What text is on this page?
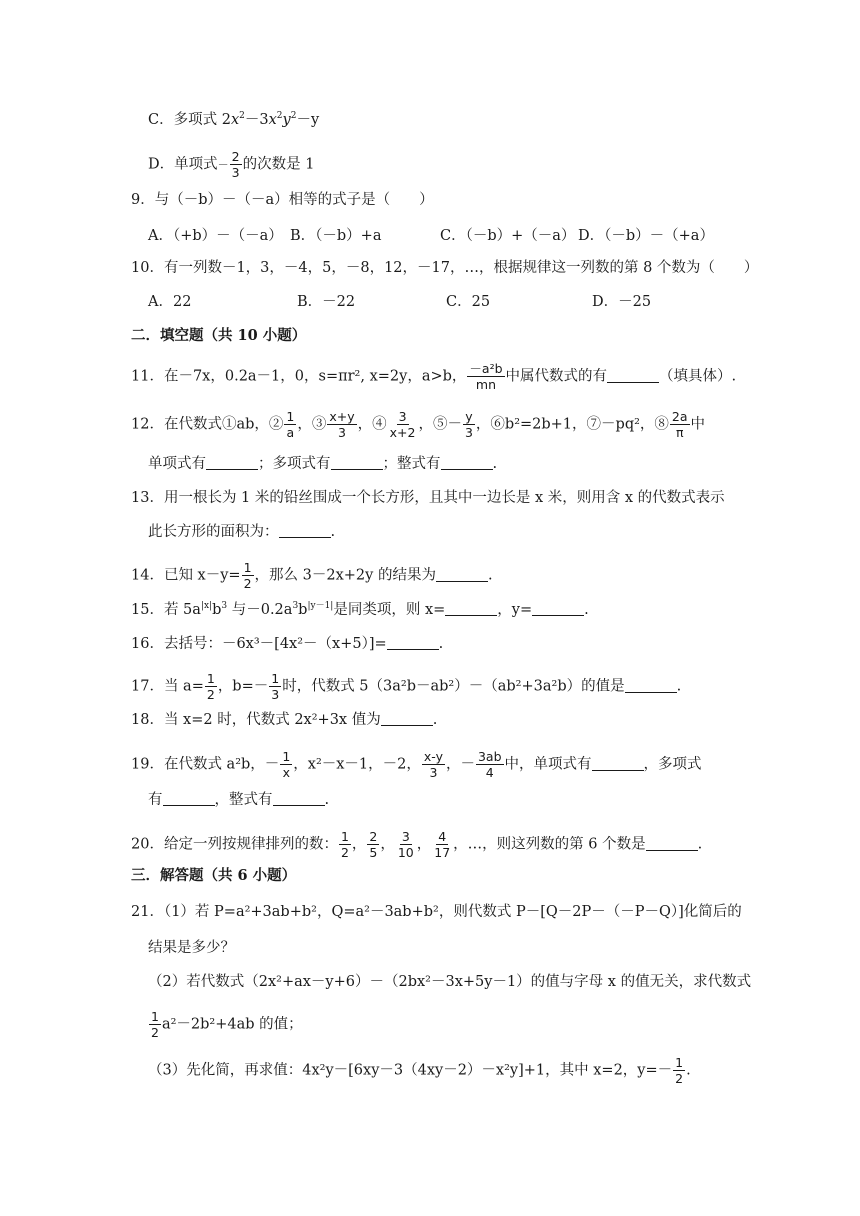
C．多项式 $2x^2-3x^2y^2-y$
D．单项式－ $\frac{2}{3}$ 的次数是 1
9．与（－b）－（－a）相等的式子是（　　）
A．（+b）－（－a） B．（－b）+a	C．（－b）+（－a） D．（－b）－（+a）
10．有一列数－1，3，－4，5，－8，12，－17，…，根据规律这一列数的第 8 个数为（　　）
A．22	B．－22	C．25	D．－25
二．填空题（共 10 小题）
11．在－7x，0.2a－1，0，s=πr², x=2y，a>b， $\frac{\text{－a²b}}{mn}$ 中属代数式的有	（填具体）.
12．在代数式①ab，② $\frac{1}{a}$ ，③ $\frac{x+y}{3}$ ，④ $\frac{3}{x+2}$ ，⑤－ $\frac{y}{3}$ ，⑥b²=2b+1，⑦－pq²，⑧ $\frac{2a}{\pi}$ 中
单项式有	；多项式有	；整式有	.
13．用一根长为 1 米的铅丝围成一个长方形，且其中一边长是 x 米，则用含 x 的代数式表示
此长方形的面积为：	.
14．已知 $x-y= \frac{1}{2}$ ，那么 3－2x+2y 的结果为	.
15．若 $5a^{|x|}b^3$ 与$-0.2a^3b^{|y-1|}$是同类项，则 x=	，y=	.
16．去括号：－6x³－[4x²－（x+5）]=	.
17．当 $a= \frac{1}{2}$ ，$b=- \frac{1}{3}$ 时，代数式 5（3a²b－ab²）－（ab²+3a²b）的值是	.
18．当 x=2 时，代数式 2x²+3x 值为	.
19．在代数式 a²b，－ $\frac{1}{x}$ ，x²－x－1，－2， $\frac{x-y}{3}$ ，－ $\frac{3ab}{4}$ 中，单项式有	，多项式
有	，整式有	.
20．给定一列按规律排列的数： $\frac{1}{2}$ ， $\frac{2}{5}$ ， $\frac{3}{10}$ ， $\frac{4}{17}$ ，…，则这列数的第 6 个数是	.
三．解答题（共 6 小题）
21．（1）若 P=a²+3ab+b²，Q=a²－3ab+b²，则代数式 P－[Q－2P－（－P－Q）]化简后的
结果是多少？
（2）若代数式（2x²+ax－y+6）－（2bx²－3x+5y－1）的值与字母 x 的值无关，求代数式
$\frac{1}{2} a^2-2b^2+4ab$ 的值；
（3）先化简，再求值：4x²y－[6xy－3（4xy－2）－x²y]+1，其中 x=2，$y=- \frac{1}{2}$ .
